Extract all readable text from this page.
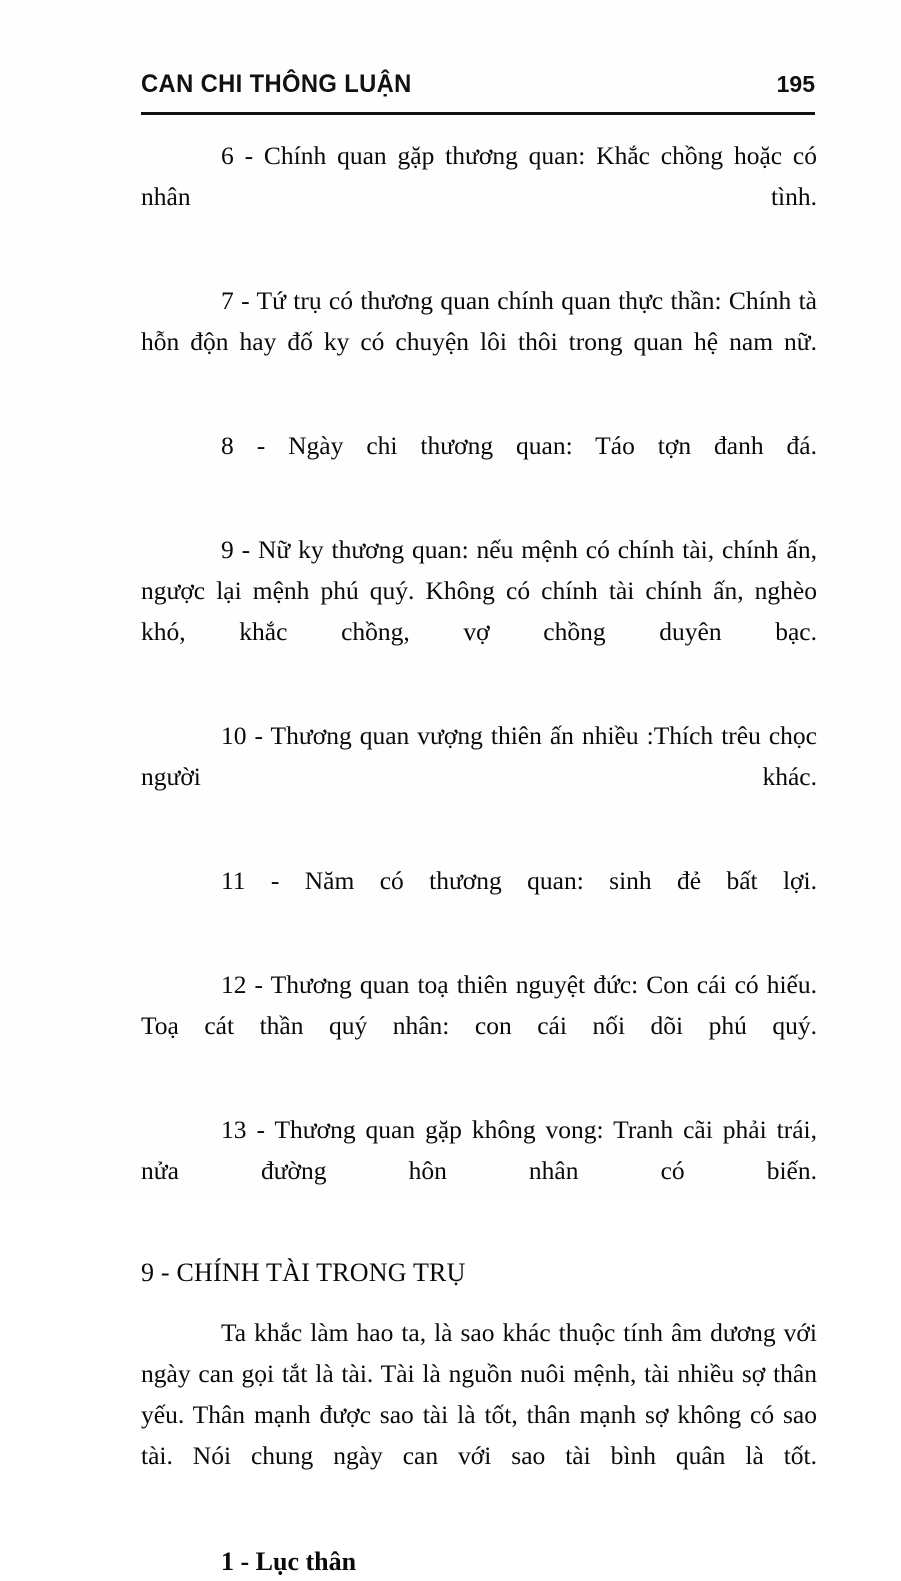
CAN CHI THÔNG LUẬN	195

6 - Chính quan gặp thương quan: Khắc chồng hoặc có nhân tình.

7 - Tứ trụ có thương quan chính quan thực thần: Chính tà hỗn độn hay đố ky có chuyện lôi thôi trong quan hệ nam nữ.

8 - Ngày chi thương quan: Táo tợn đanh đá.

9 - Nữ ky thương quan: nếu mệnh có chính tài, chính ấn, ngược lại mệnh phú quý. Không có chính tài chính ấn, nghèo khó, khắc chồng, vợ chồng duyên bạc.

10 - Thương quan vượng thiên ấn nhiều :Thích trêu chọc người khác.

11 - Năm có thương quan: sinh đẻ bất lợi.

12 - Thương quan toạ thiên nguyệt đức: Con cái có hiếu. Toạ cát thần quý nhân: con cái nối dõi phú quý.

13 - Thương quan gặp không vong: Tranh cãi phải trái, nửa đường hôn nhân có biến.

9 - CHÍNH TÀI TRONG TRỤ

Ta khắc làm hao ta, là sao khác thuộc tính âm dương với ngày can gọi tắt là tài. Tài là nguồn nuôi mệnh, tài nhiều sợ thân yếu. Thân mạnh được sao tài là tốt, thân mạnh sợ không có sao tài. Nói chung ngày can với sao tài bình quân là tốt.

1 - Lục thân
